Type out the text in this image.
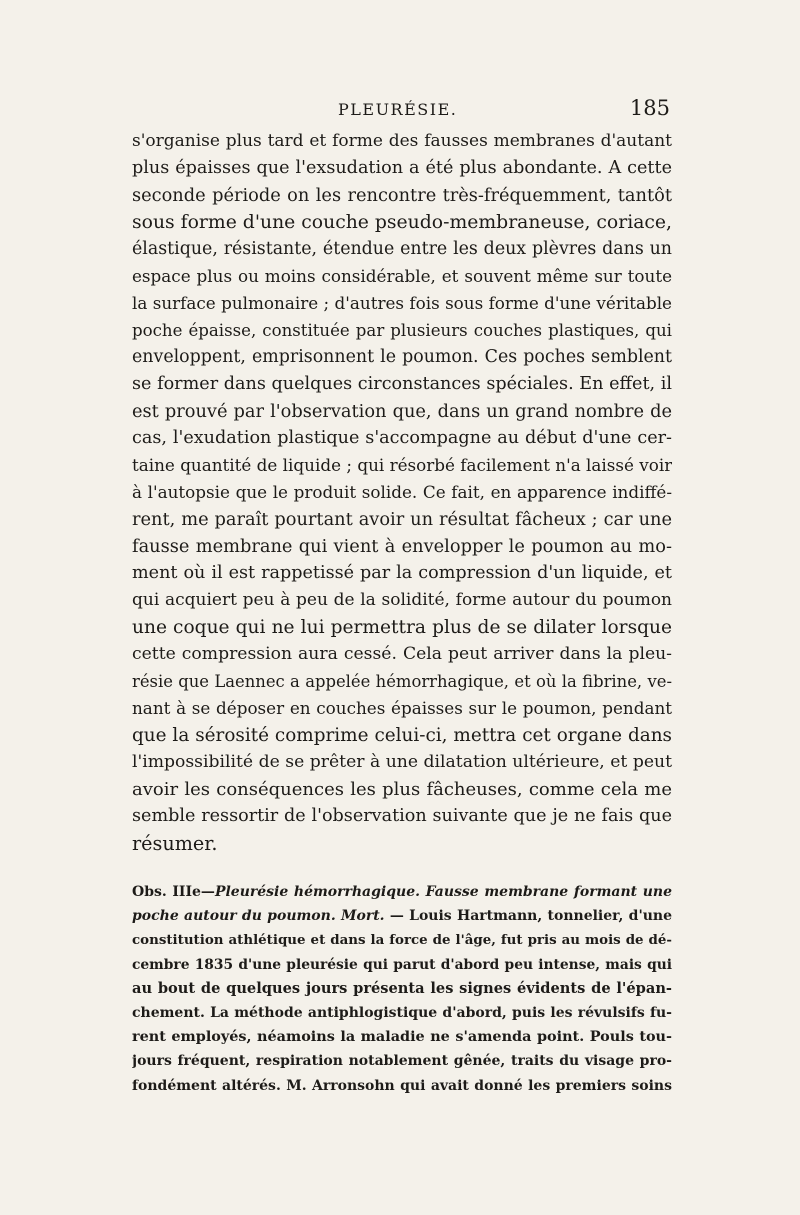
PLEURÉSIE.	185
s'organise plus tard et forme des fausses membranes d'autant
plus épaisses que l'exsudation a été plus abondante. A cette
seconde période on les rencontre très-fréquemment, tantôt
sous forme d'une couche pseudo-membraneuse, coriace,
élastique, résistante, étendue entre les deux plèvres dans un
espace plus ou moins considérable, et souvent même sur toute
la surface pulmonaire ; d'autres fois sous forme d'une véritable
poche épaisse, constituée par plusieurs couches plastiques, qui
enveloppent, emprisonnent le poumon. Ces poches semblent
se former dans quelques circonstances spéciales. En effet, il
est prouvé par l'observation que, dans un grand nombre de
cas, l'exudation plastique s'accompagne au début d'une cer-
taine quantité de liquide ; qui résorbé facilement n'a laissé voir
à l'autopsie que le produit solide. Ce fait, en apparence indiffé-
rent, me paraît pourtant avoir un résultat fâcheux ; car une
fausse membrane qui vient à envelopper le poumon au mo-
ment où il est rappetissé par la compression d'un liquide, et
qui acquiert peu à peu de la solidité, forme autour du poumon
une coque qui ne lui permettra plus de se dilater lorsque
cette compression aura cessé. Cela peut arriver dans la pleu-
résie que Laennec a appelée hémorrhagique, et où la fibrine, ve-
nant à se déposer en couches épaisses sur le poumon, pendant
que la sérosité comprime celui-ci, mettra cet organe dans
l'impossibilité de se prêter à une dilatation ultérieure, et peut
avoir les conséquences les plus fâcheuses, comme cela me
semble ressortir de l'observation suivante que je ne fais que
résumer.
Obs. IIIe—Pleurésie hémorrhagique. Fausse membrane formant une
poche autour du poumon. Mort. — Louis Hartmann, tonnelier, d'une
constitution athlétique et dans la force de l'âge, fut pris au mois de dé-
cembre 1835 d'une pleurésie qui parut d'abord peu intense, mais qui
au bout de quelques jours présenta les signes évidents de l'épan-
chement. La méthode antiphlogistique d'abord, puis les révulsifs fu-
rent employés, néamoins la maladie ne s'amenda point. Pouls tou-
jours fréquent, respiration notablement gênée, traits du visage pro-
fondément altérés. M. Arronsohn qui avait donné les premiers soins
